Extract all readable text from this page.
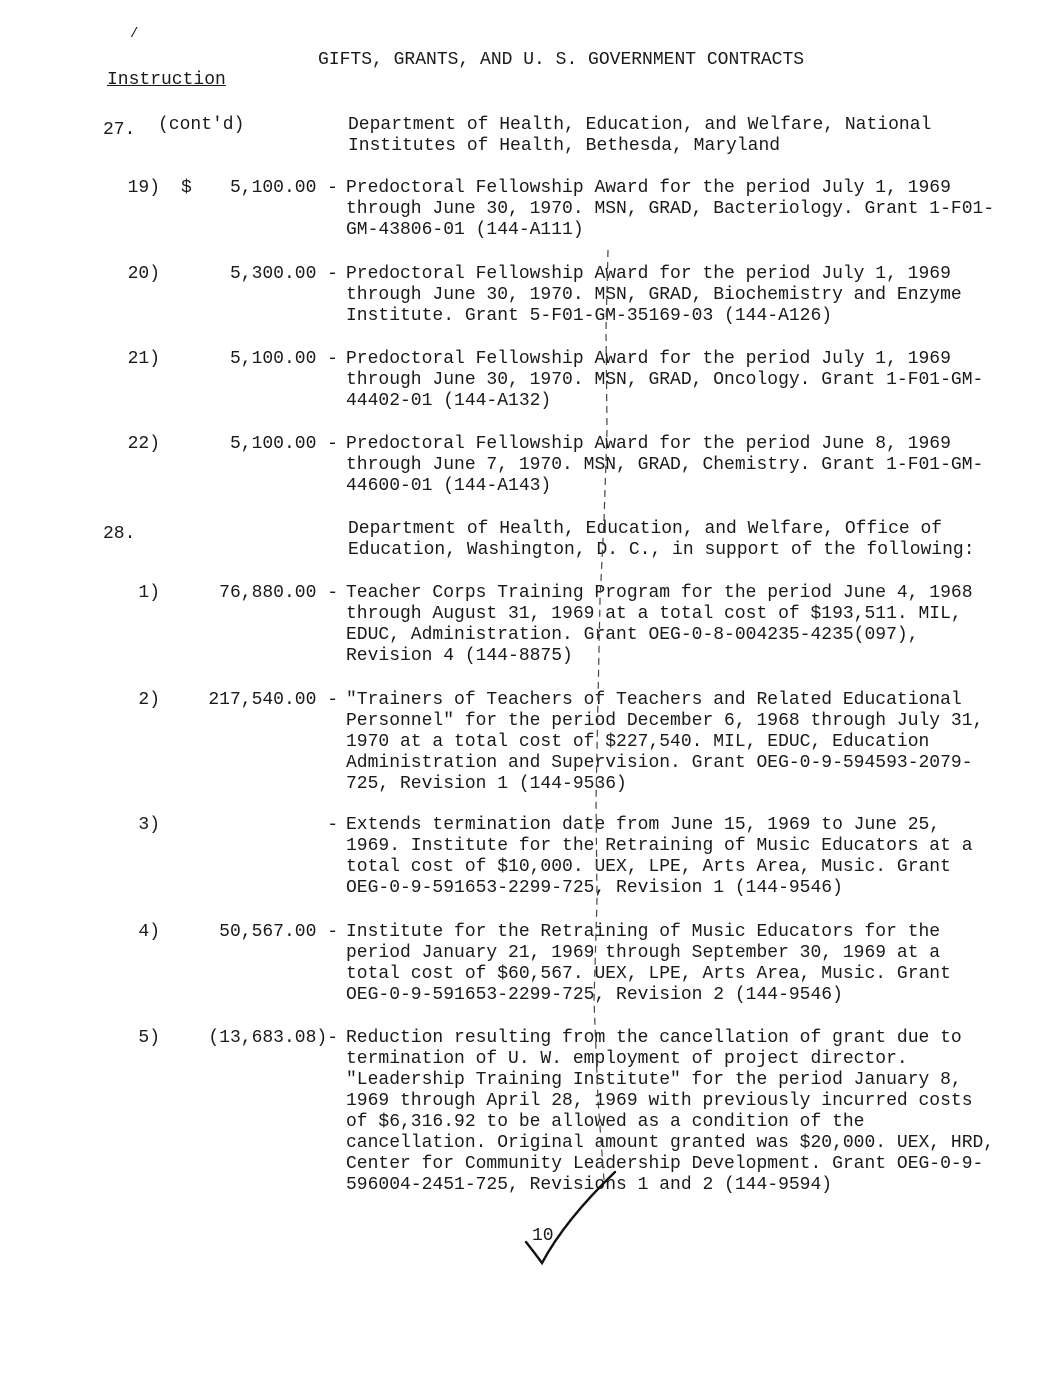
/
GIFTS, GRANTS, AND U. S. GOVERNMENT CONTRACTS
Instruction
27. (cont'd)	Department of Health, Education, and Welfare, National Institutes of Health, Bethesda, Maryland
19) $	5,100.00 - Predoctoral Fellowship Award for the period July 1, 1969 through June 30, 1970. MSN, GRAD, Bacteriology. Grant 1-F01-GM-43806-01 (144-A111)
20)	5,300.00 - Predoctoral Fellowship Award for the period July 1, 1969 through June 30, 1970. MSN, GRAD, Biochemistry and Enzyme Institute. Grant 5-F01-GM-35169-03 (144-A126)
21)	5,100.00 - Predoctoral Fellowship Award for the period July 1, 1969 through June 30, 1970. MSN, GRAD, Oncology. Grant 1-F01-GM-44402-01 (144-A132)
22)	5,100.00 - Predoctoral Fellowship Award for the period June 8, 1969 through June 7, 1970. MSN, GRAD, Chemistry. Grant 1-F01-GM-44600-01 (144-A143)
28.	Department of Health, Education, and Welfare, Office of Education, Washington, D. C., in support of the following:
1)	76,880.00 - Teacher Corps Training Program for the period June 4, 1968 through August 31, 1969 at a total cost of $193,511. MIL, EDUC, Administration. Grant OEG-0-8-004235-4235(097), Revision 4 (144-8875)
2)	217,540.00 - "Trainers of Teachers of Teachers and Related Educational Personnel" for the period December 6, 1968 through July 31, 1970 at a total cost of $227,540. MIL, EDUC, Education Administration and Supervision. Grant OEG-0-9-594593-2079-725, Revision 1 (144-9536)
3)	- Extends termination date from June 15, 1969 to June 25, 1969. Institute for the Retraining of Music Educators at a total cost of $10,000. UEX, LPE, Arts Area, Music. Grant OEG-0-9-591653-2299-725, Revision 1 (144-9546)
4)	50,567.00 - Institute for the Retraining of Music Educators for the period January 21, 1969 through September 30, 1969 at a total cost of $60,567. UEX, LPE, Arts Area, Music. Grant OEG-0-9-591653-2299-725, Revision 2 (144-9546)
5)	(13,683.08)- Reduction resulting from the cancellation of grant due to termination of U. W. employment of project director. "Leadership Training Institute" for the period January 8, 1969 through April 28, 1969 with previously incurred costs of $6,316.92 to be allowed as a condition of the cancellation. Original amount granted was $20,000. UEX, HRD, Center for Community Leadership Development. Grant OEG-0-9-596004-2451-725, Revisions 1 and 2 (144-9594)
10
